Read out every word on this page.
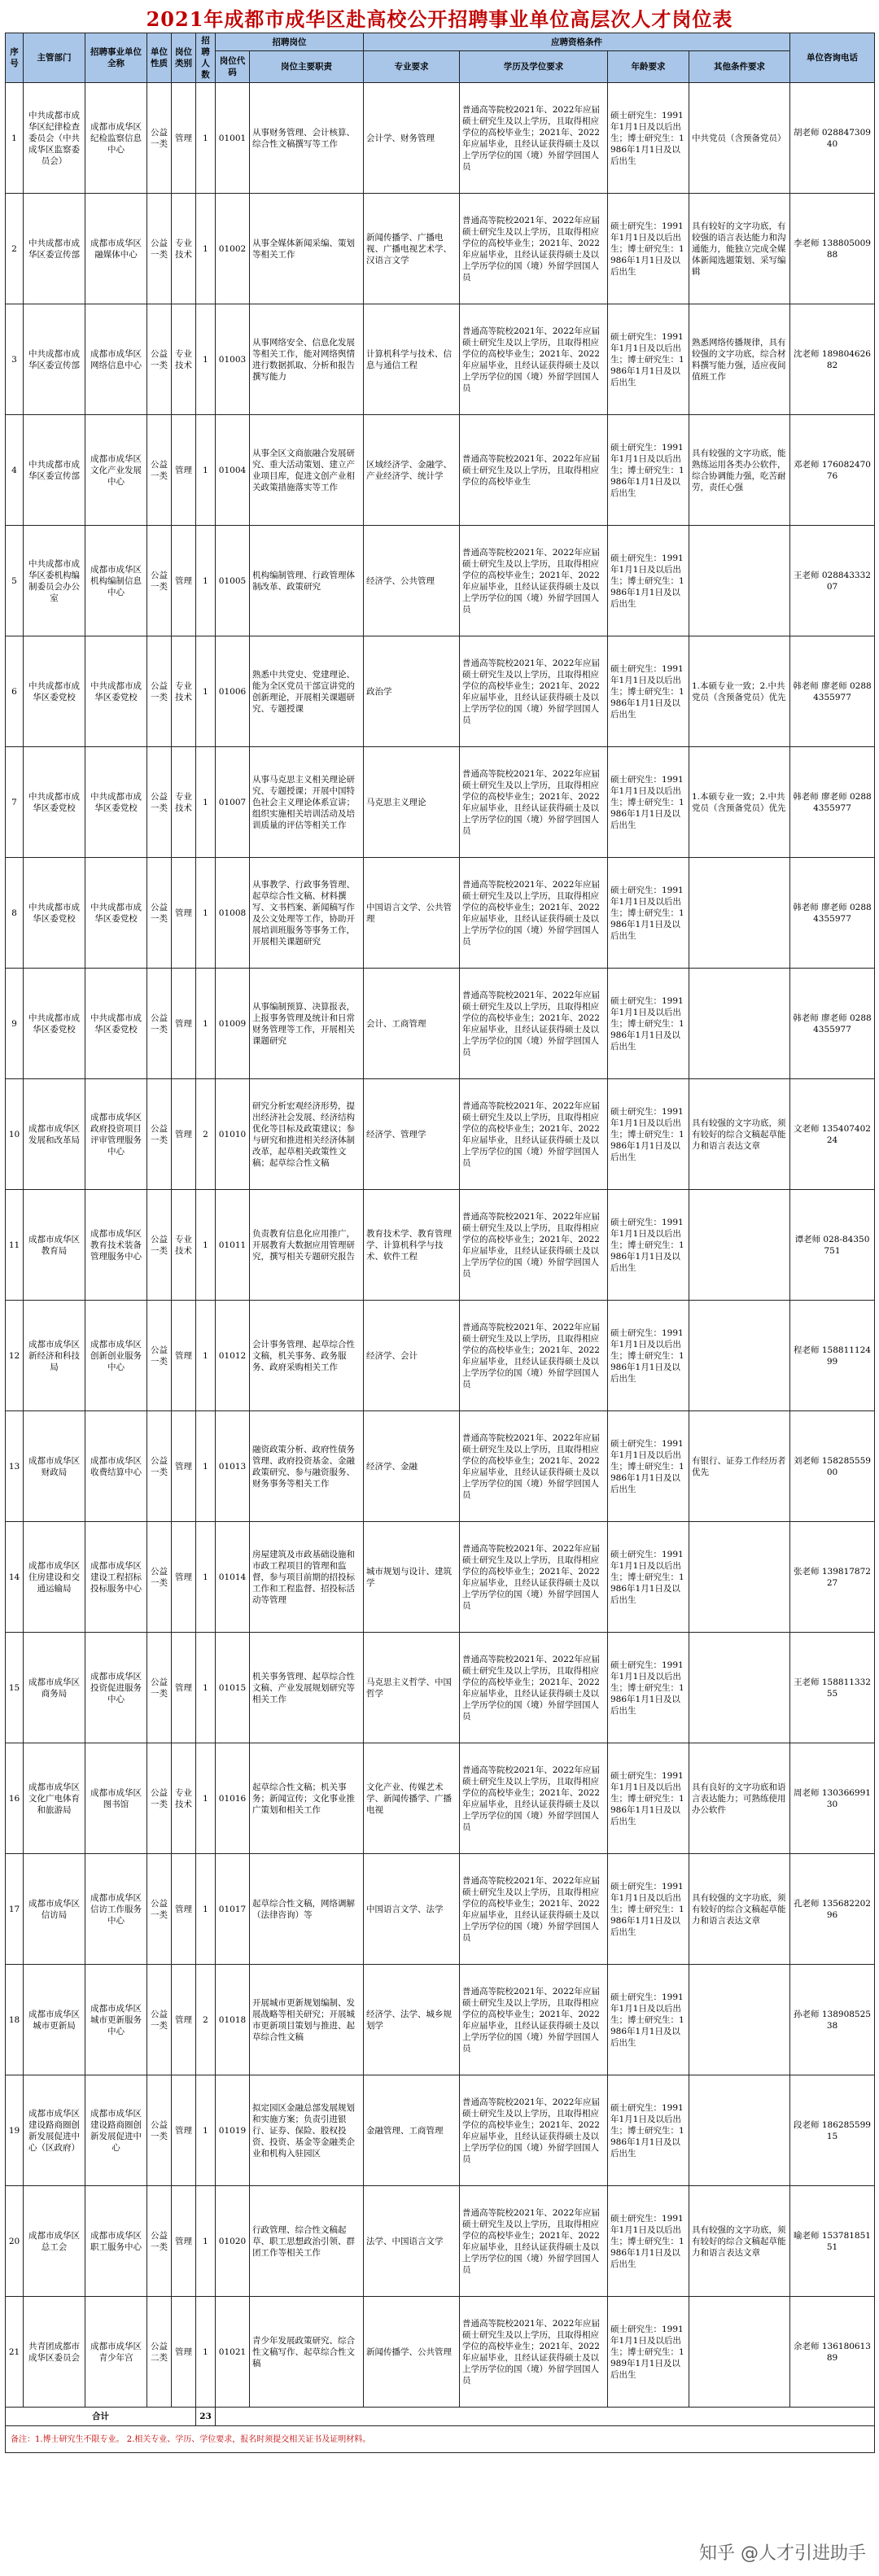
2021年成都市成华区赴高校公开招聘事业单位高层次人才岗位表
序号	主管部门	招聘事业单位全称	单位性质	岗位类别	招聘人数	招聘岗位		应聘资格条件				单位咨询电话
						岗位代码	岗位主要职责	专业要求	学历及学位要求	年龄要求	其他条件要求	
1	中共成都市成华区纪律检查委员会（中共成华区监察委员会）	成都市成华区纪检监察信息中心	公益一类	管理	1	01001	从事财务管理、会计核算、综合性文稿撰写等工作	会计学、财务管理	普通高等院校2021年、2022年应届硕士研究生及以上学历，且取得相应学位的高校毕业生；2021年、2022年应届毕业，且经认证获得硕士及以上学历学位的国（境）外留学回国人员	硕士研究生：1991年1月1日及以后出生；博士研究生：1986年1月1日及以后出生	中共党员（含预备党员）	胡老师 028847309 40
2	中共成都市成华区委宣传部	成都市成华区融媒体中心	公益一类	专业技术	1	01002	从事全媒体新闻采编、策划等相关工作	新闻传播学、广播电视、广播电视艺术学、汉语言文学	普通高等院校2021年、2022年应届硕士研究生及以上学历，且取得相应学位的高校毕业生；2021年、2022年应届毕业，且经认证获得硕士及以上学历学位的国（境）外留学回国人员	硕士研究生：1991年1月1日及以后出生；博士研究生：1986年1月1日及以后出生	具有较好的文字功底，有较强的语言表达能力和沟通能力，能独立完成全媒体新闻选题策划、采写编辑	李老师 13880500988
3	中共成都市成华区委宣传部	成都市成华区网络信息中心	公益一类	专业技术	1	01003	从事网络安全、信息化发展等相关工作，能对网络舆情进行数据抓取、分析和报告撰写能力	计算机科学与技术、信息与通信工程	普通高等院校2021年、2022年应届硕士研究生及以上学历，且取得相应学位的高校毕业生；2021年、2022年应届毕业，且经认证获得硕士及以上学历学位的国（境）外留学回国人员	硕士研究生：1991年1月1日及以后出生；博士研究生：1986年1月1日及以后出生	熟悉网络传播规律，具有较强的文字功底，综合材料撰写能力强，适应夜间值班工作	沈老师 18980462682
4	中共成都市成华区委宣传部	成都市成华区文化产业发展中心	公益一类	管理	1	01004	从事全区文商旅融合发展研究、重大活动策划、建立产业项目库，促进文创产业相关政策措施落实等工作	区域经济学、金融学、产业经济学、统计学	普通高等院校2021年、2022年应届硕士研究生及以上学历，且取得相应学位的高校毕业生	硕士研究生：1991年1月1日及以后出生；博士研究生：1986年1月1日及以后出生	具有较强的文字功底，能熟练运用各类办公软件，综合协调能力强，吃苦耐劳，责任心强	邓老师 17608247076
5	中共成都市成华区委机构编制委员会办公室	成都市成华区机构编制信息中心	公益一类	管理	1	01005	机构编制管理、行政管理体制改革、政策研究	经济学、公共管理	普通高等院校2021年、2022年应届硕士研究生及以上学历，且取得相应学位的高校毕业生；2021年、2022年应届毕业，且经认证获得硕士及以上学历学位的国（境）外留学回国人员	硕士研究生：1991年1月1日及以后出生；博士研究生：1986年1月1日及以后出生		王老师 02884333207
6	中共成都市成华区委党校	中共成都市成华区委党校	公益一类	专业技术	1	01006	熟悉中共党史、党建理论、能为全区党员干部宣讲党的创新理论，开展相关课题研究、专题授课	政治学	普通高等院校2021年、2022年应届硕士研究生及以上学历，且取得相应学位的高校毕业生；2021年、2022年应届毕业，且经认证获得硕士及以上学历学位的国（境）外留学回国人员	硕士研究生：1991年1月1日及以后出生；博士研究生：1986年1月1日及以后出生	1.本硕专业一致；2.中共党员（含预备党员）优先	韩老师 廖老师 02884355977
7	中共成都市成华区委党校	中共成都市成华区委党校	公益一类	专业技术	1	01007	从事马克思主义相关理论研究、专题授课；开展中国特色社会主义理论体系宣讲；组织实施相关培训活动及培训质量的评估等相关工作	马克思主义理论	普通高等院校2021年、2022年应届硕士研究生及以上学历，且取得相应学位的高校毕业生；2021年、2022年应届毕业，且经认证获得硕士及以上学历学位的国（境）外留学回国人员	硕士研究生：1991年1月1日及以后出生；博士研究生：1986年1月1日及以后出生	1.本硕专业一致；2.中共党员（含预备党员）优先	韩老师 廖老师 02884355977
8	中共成都市成华区委党校	中共成都市成华区委党校	公益一类	管理	1	01008	从事教学、行政事务管理、起草综合性文稿、材料撰写、文书档案、新闻稿写作及公文处理等工作，协助开展培训班服务等事务工作，开展相关课题研究	中国语言文学、公共管理	普通高等院校2021年、2022年应届硕士研究生及以上学历，且取得相应学位的高校毕业生；2021年、2022年应届毕业，且经认证获得硕士及以上学历学位的国（境）外留学回国人员	硕士研究生：1991年1月1日及以后出生；博士研究生：1986年1月1日及以后出生		韩老师 廖老师 02884355977
9	中共成都市成华区委党校	中共成都市成华区委党校	公益一类	管理	1	01009	从事编制预算、决算报表，上报事务管理及统计和日常财务管理等工作，开展相关课题研究	会计、工商管理	普通高等院校2021年、2022年应届硕士研究生及以上学历，且取得相应学位的高校毕业生；2021年、2022年应届毕业，且经认证获得硕士及以上学历学位的国（境）外留学回国人员	硕士研究生：1991年1月1日及以后出生；博士研究生：1986年1月1日及以后出生		韩老师 廖老师 02884355977
10	成都市成华区发展和改革局	成都市成华区政府投资项目评审管理服务中心	公益一类	管理	2	01010	研究分析宏观经济形势，提出经济社会发展、经济结构优化等目标及政策建议；参与研究和推进相关经济体制改革，起草相关政策性文稿；起草综合性文稿	经济学、管理学	普通高等院校2021年、2022年应届硕士研究生及以上学历，且取得相应学位的高校毕业生；2021年、2022年应届毕业，且经认证获得硕士及以上学历学位的国（境）外留学回国人员	硕士研究生：1991年1月1日及以后出生；博士研究生：1986年1月1日及以后出生	具有较强的文字功底，须有较好的综合文稿起草能力和语言表达文章	文老师 13540740224
11	成都市成华区教育局	成都市成华区教育技术装备管理服务中心	公益一类	专业技术	1	01011	负责教育信息化应用推广，开展教育大数据应用管理研究，撰写相关专题研究报告	教育技术学、教育管理学、计算机科学与技术、软件工程	普通高等院校2021年、2022年应届硕士研究生及以上学历，且取得相应学位的高校毕业生；2021年、2022年应届毕业，且经认证获得硕士及以上学历学位的国（境）外留学回国人员	硕士研究生：1991年1月1日及以后出生；博士研究生：1986年1月1日及以后出生		谭老师 028-84350751
12	成都市成华区新经济和科技局	成都市成华区创新创业服务中心	公益一类	管理	1	01012	会计事务管理、起草综合性文稿，机关事务、政务服务、政府采购相关工作	经济学、会计	普通高等院校2021年、2022年应届硕士研究生及以上学历，且取得相应学位的高校毕业生；2021年、2022年应届毕业，且经认证获得硕士及以上学历学位的国（境）外留学回国人员	硕士研究生：1991年1月1日及以后出生；博士研究生：1986年1月1日及以后出生		程老师 15881112499
13	成都市成华区财政局	成都市成华区收费结算中心	公益一类	管理	1	01013	融资政策分析、政府性债务管理、政府投资基金、金融政策研究、参与融资服务、财务事务等相关工作	经济学、金融	普通高等院校2021年、2022年应届硕士研究生及以上学历，且取得相应学位的高校毕业生；2021年、2022年应届毕业，且经认证获得硕士及以上学历学位的国（境）外留学回国人员	硕士研究生：1991年1月1日及以后出生；博士研究生：1986年1月1日及以后出生	有银行、证券工作经历者优先	刘老师 15828555900
14	成都市成华区住房建设和交通运输局	成都市成华区建设工程招标投标服务中心	公益一类	管理	1	01014	房屋建筑及市政基础设施和市政工程项目的管理和监督，参与项目前期的招投标工作和工程监督、招投标活动等管理	城市规划与设计、建筑学	普通高等院校2021年、2022年应届硕士研究生及以上学历，且取得相应学位的高校毕业生；2021年、2022年应届毕业，且经认证获得硕士及以上学历学位的国（境）外留学回国人员	硕士研究生：1991年1月1日及以后出生；博士研究生：1986年1月1日及以后出生		张老师 13981787227
15	成都市成华区商务局	成都市成华区投资促进服务中心	公益一类	管理	1	01015	机关事务管理、起草综合性文稿、产业发展规划研究等相关工作	马克思主义哲学、中国哲学	普通高等院校2021年、2022年应届硕士研究生及以上学历，且取得相应学位的高校毕业生；2021年、2022年应届毕业，且经认证获得硕士及以上学历学位的国（境）外留学回国人员	硕士研究生：1991年1月1日及以后出生；博士研究生：1986年1月1日及以后出生		王老师 15881133255
16	成都市成华区文化广电体育和旅游局	成都市成华区图书馆	公益一类	专业技术	1	01016	起草综合性文稿；机关事务；新闻宣传；文化事业推广策划和相关工作	文化产业、传媒艺术学、新闻传播学、广播电视	普通高等院校2021年、2022年应届硕士研究生及以上学历，且取得相应学位的高校毕业生；2021年、2022年应届毕业，且经认证获得硕士及以上学历学位的国（境）外留学回国人员	硕士研究生：1991年1月1日及以后出生；博士研究生：1986年1月1日及以后出生	具有良好的文字功底和语言表达能力；可熟练使用办公软件	周老师 13036699130
17	成都市成华区信访局	成都市成华区信访工作服务中心	公益一类	管理	1	01017	起草综合性文稿，网络调解（法律咨询）等	中国语言文学、法学	普通高等院校2021年、2022年应届硕士研究生及以上学历，且取得相应学位的高校毕业生；2021年、2022年应届毕业，且经认证获得硕士及以上学历学位的国（境）外留学回国人员	硕士研究生：1991年1月1日及以后出生；博士研究生：1986年1月1日及以后出生	具有较强的文字功底，须有较好的综合文稿起草能力和语言表达文章	孔老师 13568220296
18	成都市成华区城市更新局	成都市成华区城市更新服务中心	公益一类	管理	2	01018	开展城市更新规划编制、发展战略等相关研究；开展城市更新项目策划与推进、起草综合性文稿	经济学、法学、城乡规划学	普通高等院校2021年、2022年应届硕士研究生及以上学历，且取得相应学位的高校毕业生；2021年、2022年应届毕业，且经认证获得硕士及以上学历学位的国（境）外留学回国人员	硕士研究生：1991年1月1日及以后出生；博士研究生：1986年1月1日及以后出生		孙老师 13890852538
19	成都市成华区建设路商圈创新发展促进中心（区政府）	成都市成华区建设路商圈创新发展促进中心	公益一类	管理	1	01019	拟定园区金融总部发展规划和实施方案；负责引进银行、证券、保险、股权投资、投资、基金等金融类企业和机构入驻园区	金融管理、工商管理	普通高等院校2021年、2022年应届硕士研究生及以上学历，且取得相应学位的高校毕业生；2021年、2022年应届毕业，且经认证获得硕士及以上学历学位的国（境）外留学回国人员	硕士研究生：1991年1月1日及以后出生；博士研究生：1986年1月1日及以后出生		段老师 18628559915
20	成都市成华区总工会	成都市成华区职工服务中心	公益一类	管理	1	01020	行政管理、综合性文稿起草、职工思想政治引领、群团工作等相关工作	法学、中国语言文学	普通高等院校2021年、2022年应届硕士研究生及以上学历，且取得相应学位的高校毕业生；2021年、2022年应届毕业，且经认证获得硕士及以上学历学位的国（境）外留学回国人员	硕士研究生：1991年1月1日及以后出生；博士研究生：1986年1月1日及以后出生	具有较强的文字功底，须有较好的综合文稿起草能力和语言表达文章	喻老师 15378185151
21	共青团成都市成华区委员会	成都市成华区青少年宫	公益二类	管理	1	01021	青少年发展政策研究、综合性文稿写作、起草综合性文稿	新闻传播学、公共管理	普通高等院校2021年、2022年应届硕士研究生及以上学历，且取得相应学位的高校毕业生；2021年、2022年应届毕业，且经认证获得硕士及以上学历学位的国（境）外留学回国人员	硕士研究生：1991年1月1日及以后出生；博士研究生：1989年1月1日及以后出生		余老师 13618061389
合计					23							
备注：1.博士研究生不限专业。 2.相关专业、学历、学位要求，报名时须提交相关证书及证明材料。												
知乎 @人才引进助手
